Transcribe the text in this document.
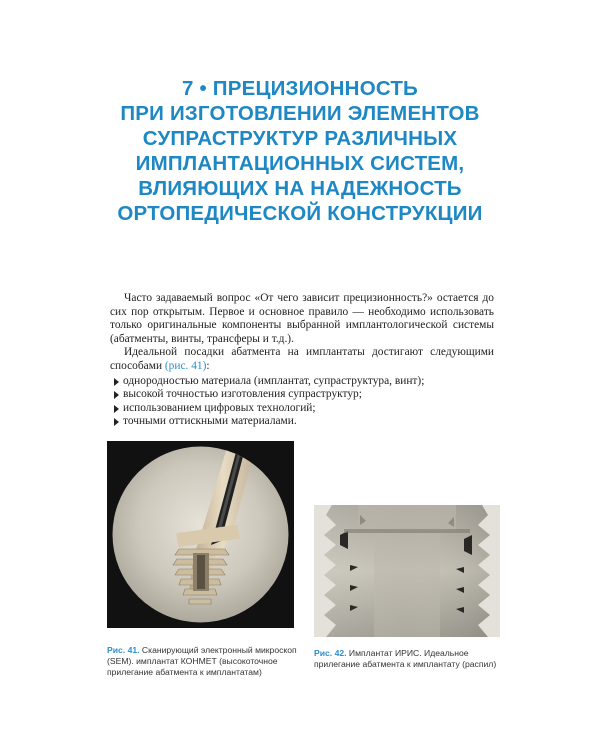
7 • ПРЕЦИЗИОННОСТЬ
ПРИ ИЗГОТОВЛЕНИИ ЭЛЕМЕНТОВ
СУПРАСТРУКТУР РАЗЛИЧНЫХ
ИМПЛАНТАЦИОННЫХ СИСТЕМ,
ВЛИЯЮЩИХ НА НАДЕЖНОСТЬ
ОРТОПЕДИЧЕСКОЙ КОНСТРУКЦИИ

Часто задаваемый вопрос «От чего зависит прецизионность?» остается до сих пор открытым. Первое и основное правило — необходимо использовать только оригинальные компоненты выбранной имплантологической системы (абатменты, винты, трансферы и т.д.).

Идеальной посадки абатмента на имплантаты достигают следующими способами (рис. 41):

однородностью материала (имплантат, супраструктура, винт);
высокой точностью изготовления супраструктур;
использованием цифровых технологий;
точными оттискными материалами.
Рис. 41. Сканирующий электронный микроскоп (SEM). имплантат КОНМЕТ (высокоточное прилегание абатмента к имплантатам)
Рис. 42. Имплантат ИРИС. Идеальное прилегание абатмента к имплантату (распил)
